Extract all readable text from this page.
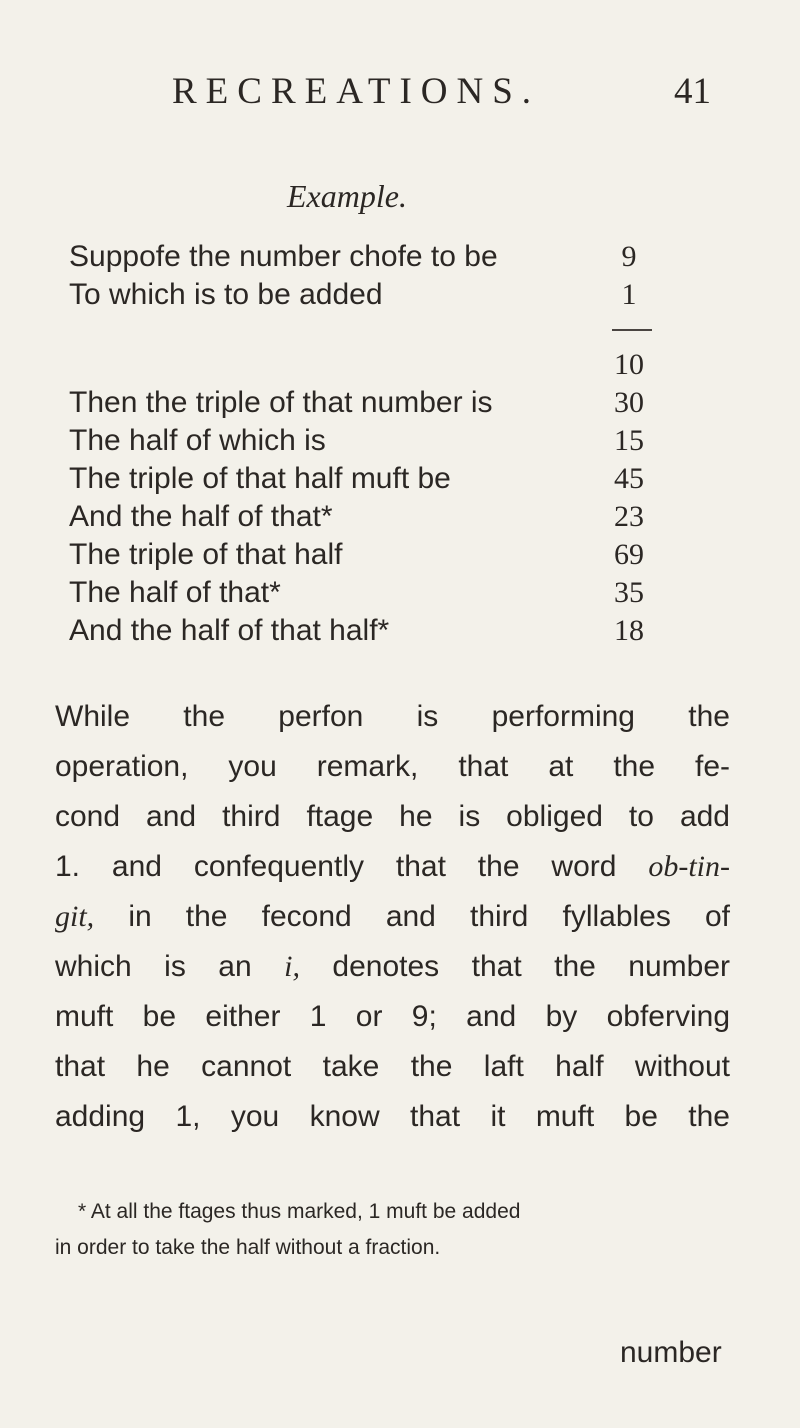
RECREATIONS.	41
Example.
Suppofe the number chofe to be	9
To which is to be added	1
10
Then the triple of that number is	30
The half of which is	15
The triple of that half muft be	45
And the half of that*	23
The triple of that half	69
The half of that*	35
And the half of that half*	18
While the perfon is performing the
operation, you remark, that at the fe-
cond and third ftage he is obliged to add
1. and confequently that the word ob-tin-
git, in the fecond and third fyllables of
which is an i, denotes that the number
muft be either 1 or 9; and by obferving
that he cannot take the laft half without
adding 1, you know that it muft be the
* At all the ftages thus marked, 1 muft be added
in order to take the half without a fraction.
number
